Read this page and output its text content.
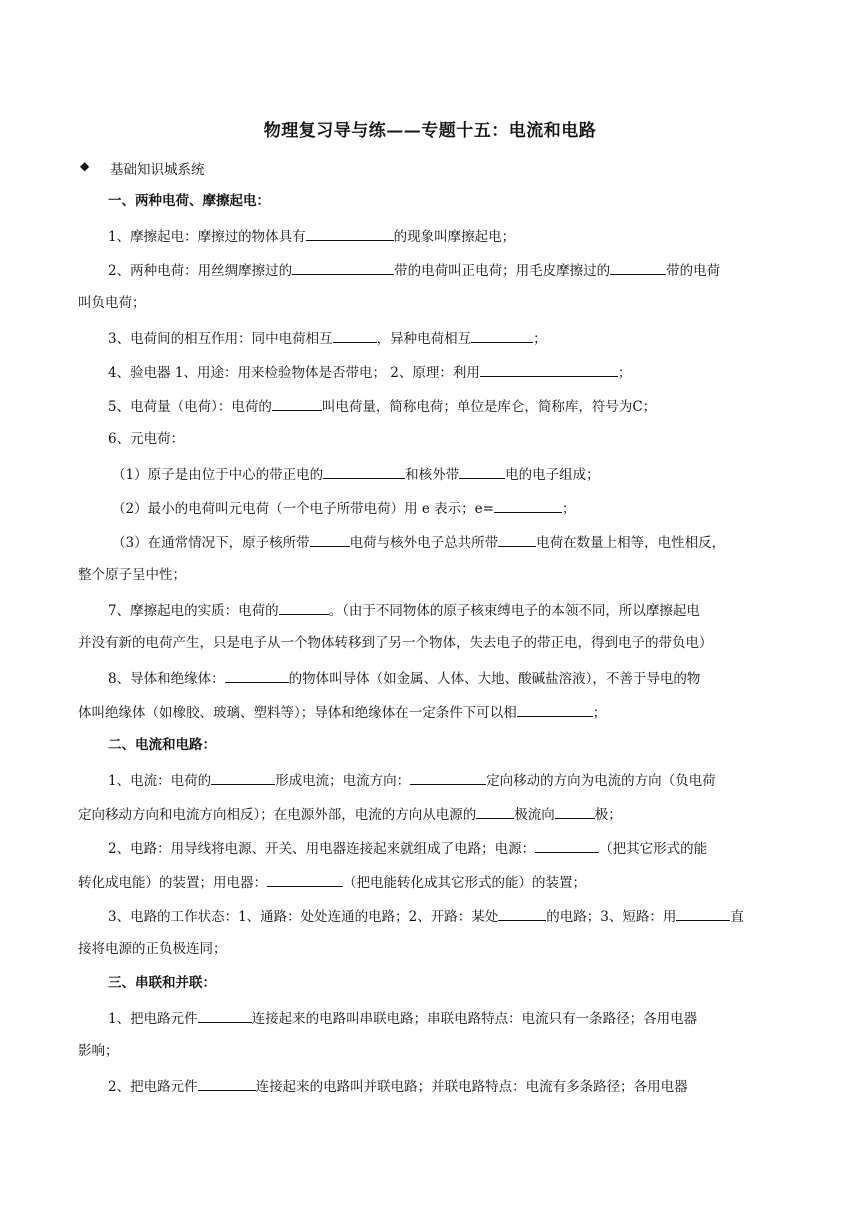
物理复习导与练——专题十五：电流和电路
◆ 基础知识城系统
一、两种电荷、摩擦起电：
1、摩擦起电：摩擦过的物体具有	的现象叫摩擦起电；
2、两种电荷：用丝绸摩擦过的	带的电荷叫正电荷；用毛皮摩擦过的	带的电荷
叫负电荷；
3、电荷间的相互作用：同中电荷相互	，异种电荷相互	；
4、验电器 1、用途：用来检验物体是否带电； 2、原理：利用	；
5、电荷量（电荷）：电荷的	叫电荷量，简称电荷；单位是库仑，简称库，符号为C；
6、元电荷：
（1）原子是由位于中心的带正电的	和核外带	电的电子组成；
（2）最小的电荷叫元电荷（一个电子所带电荷）用 e 表示；e=	；
（3）在通常情况下，原子核所带	电荷与核外电子总共所带	电荷在数量上相等，电性相反，
整个原子呈中性；
7、摩擦起电的实质：电荷的	。（由于不同物体的原子核束缚电子的本领不同，所以摩擦起电
并没有新的电荷产生，只是电子从一个物体转移到了另一个物体，失去电子的带正电，得到电子的带负电）
8、导体和绝缘体：	的物体叫导体（如金属、人体、大地、酸碱盐溶液），不善于导电的物
体叫绝缘体（如橡胶、玻璃、塑料等）；导体和绝缘体在一定条件下可以相	；
二、电流和电路：
1、电流：电荷的	形成电流；电流方向：	定向移动的方向为电流的方向（负电荷
定向移动方向和电流方向相反）；在电源外部，电流的方向从电源的	极流向	极；
2、电路：用导线将电源、开关、用电器连接起来就组成了电路；电源：	（把其它形式的能
转化成电能）的装置；用电器：	（把电能转化成其它形式的能）的装置；
3、电路的工作状态：1、通路：处处连通的电路；2、开路：某处	的电路；3、短路：用	直
接将电源的正负极连同；
三、串联和并联：
1、把电路元件	连接起来的电路叫串联电路；串联电路特点：电流只有一条路径；各用电器
影响；
2、把电路元件	连接起来的电路叫并联电路；并联电路特点：电流有多条路径；各用电器
